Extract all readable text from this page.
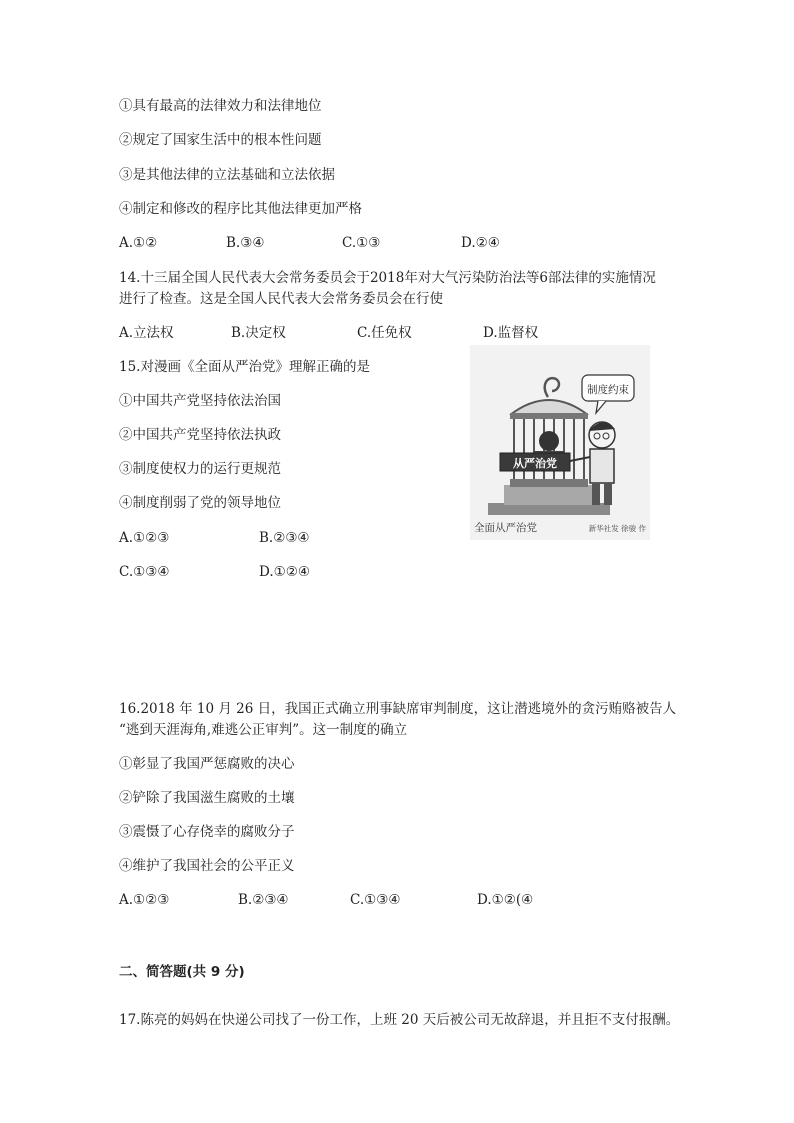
①具有最高的法律效力和法律地位
②规定了国家生活中的根本性问题
③是其他法律的立法基础和立法依据
④制定和修改的程序比其他法律更加严格
A.①②	B.③④	C.①③	D.②④
14.十三届全国人民代表大会常务委员会于2018年对大气污染防治法等6部法律的实施情况
进行了检查。这是全国人民代表大会常务委员会在行使
A.立法权	B.决定权	C.任免权	D.监督权
15.对漫画《全面从严治党》理解正确的是
①中国共产党坚持依法治国
②中国共产党坚持依法执政
③制度使权力的运行更规范
④制度削弱了党的领导地位
A.①②③	B.②③④
C.①③④	D.①②④
从严治党
制度约束
全面从严治党	新华社发 徐骏 作
16.2018 年 10 月 26 日，我国正式确立刑事缺席审判制度，这让潜逃境外的贪污贿赂被告人
“逃到天涯海角,难逃公正审判”。这一制度的确立
①彰显了我国严惩腐败的决心
②铲除了我国滋生腐败的土壤
③震慑了心存侥幸的腐败分子
④维护了我国社会的公平正义
A.①②③	B.②③④	C.①③④	D.①②(④
二、简答题(共 9 分)
17.陈亮的妈妈在快递公司找了一份工作，上班 20 天后被公司无故辞退，并且拒不支付报酬。
